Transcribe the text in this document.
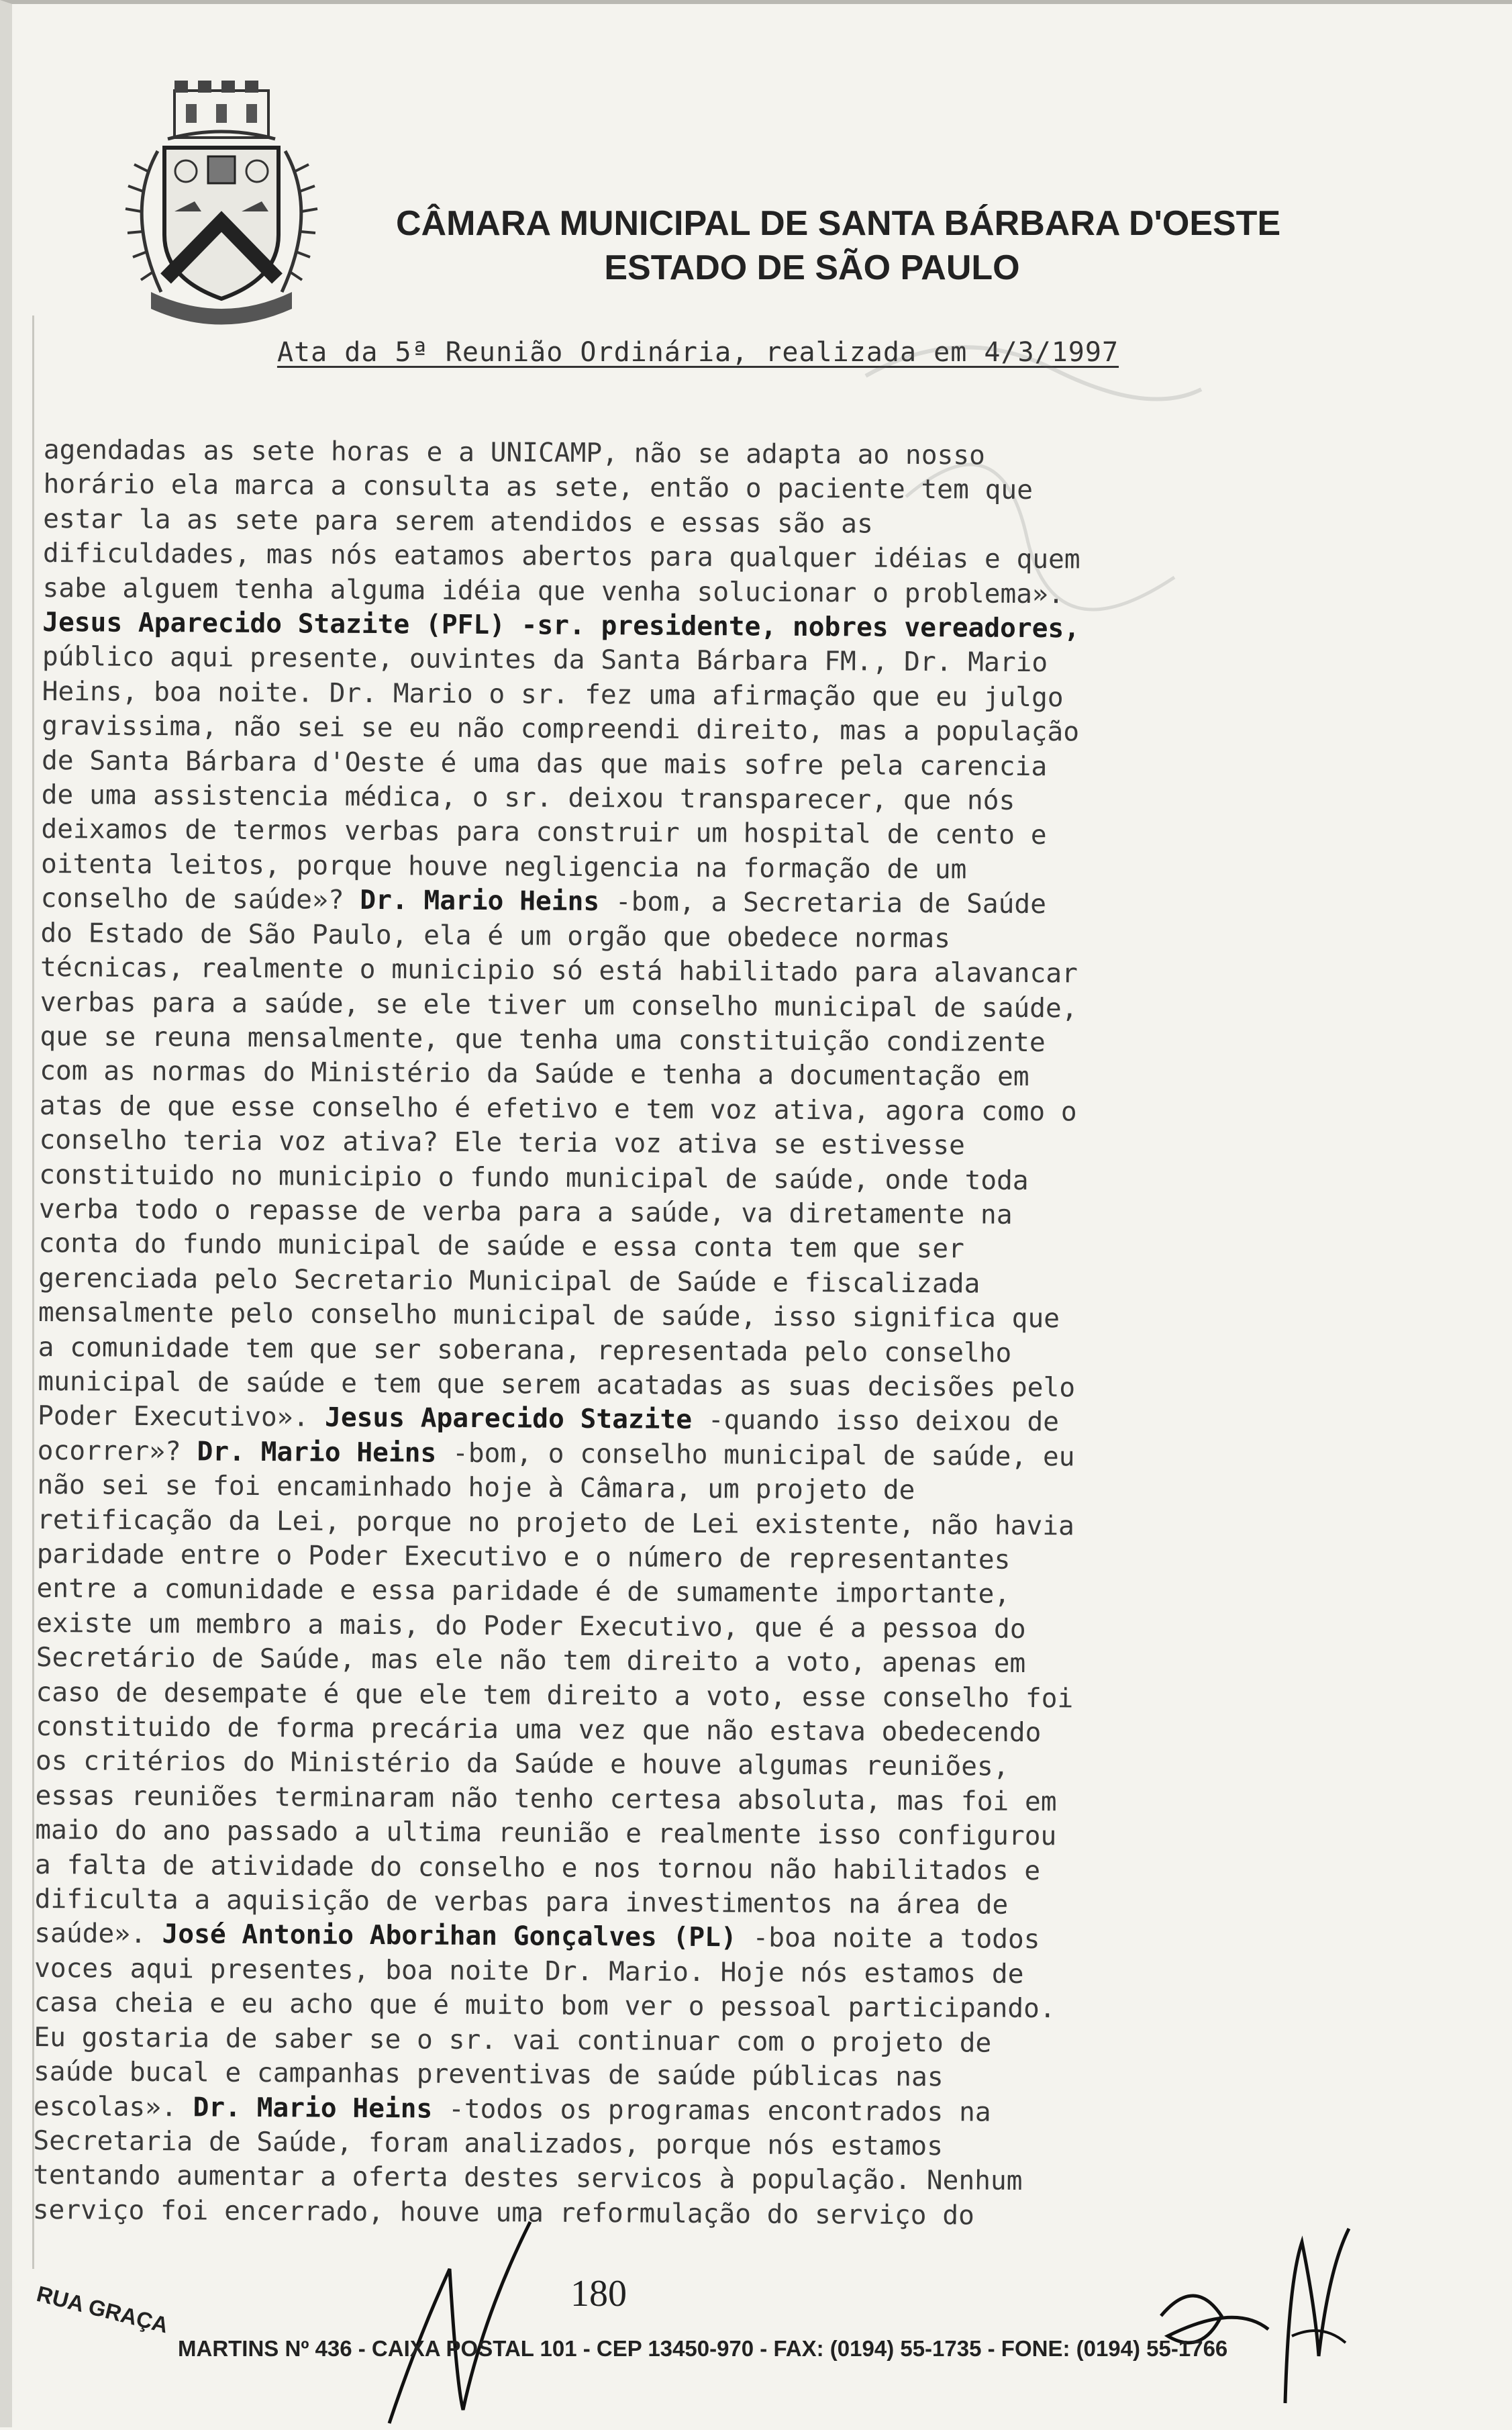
CÂMARA MUNICIPAL DE SANTA BÁRBARA D'OESTE
ESTADO DE SÃO PAULO
Ata da 5ª Reunião Ordinária, realizada em 4/3/1997
agendadas as sete horas e a UNICAMP, não se adapta ao nosso
horário ela marca a consulta as sete, então o paciente tem que
estar la as sete para serem atendidos e essas são as
dificuldades, mas nós eatamos abertos para qualquer idéias e quem
sabe alguem tenha alguma idéia que venha solucionar o problema».
Jesus Aparecido Stazite (PFL) -sr. presidente, nobres vereadores,
público aqui presente, ouvintes da Santa Bárbara FM., Dr. Mario
Heins, boa noite. Dr. Mario o sr. fez uma afirmação que eu julgo
gravissima, não sei se eu não compreendi direito, mas a população
de Santa Bárbara d'Oeste é uma das que mais sofre pela carencia
de uma assistencia médica, o sr. deixou transparecer, que nós
deixamos de termos verbas para construir um hospital de cento e
oitenta leitos, porque houve negligencia na formação de um
conselho de saúde»? Dr. Mario Heins -bom, a Secretaria de Saúde
do Estado de São Paulo, ela é um orgão que obedece normas
técnicas, realmente o municipio só está habilitado para alavancar
verbas para a saúde, se ele tiver um conselho municipal de saúde,
que se reuna mensalmente, que tenha uma constituição condizente
com as normas do Ministério da Saúde e tenha a documentação em
atas de que esse conselho é efetivo e tem voz ativa, agora como o
conselho teria voz ativa? Ele teria voz ativa se estivesse
constituido no municipio o fundo municipal de saúde, onde toda
verba todo o repasse de verba para a saúde, va diretamente na
conta do fundo municipal de saúde e essa conta tem que ser
gerenciada pelo Secretario Municipal de Saúde e fiscalizada
mensalmente pelo conselho municipal de saúde, isso significa que
a comunidade tem que ser soberana, representada pelo conselho
municipal de saúde e tem que serem acatadas as suas decisões pelo
Poder Executivo». Jesus Aparecido Stazite -quando isso deixou de
ocorrer»? Dr. Mario Heins -bom, o conselho municipal de saúde, eu
não sei se foi encaminhado hoje à Câmara, um projeto de
retificação da Lei, porque no projeto de Lei existente, não havia
paridade entre o Poder Executivo e o número de representantes
entre a comunidade e essa paridade é de sumamente importante,
existe um membro a mais, do Poder Executivo, que é a pessoa do
Secretário de Saúde, mas ele não tem direito a voto, apenas em
caso de desempate é que ele tem direito a voto, esse conselho foi
constituido de forma precária uma vez que não estava obedecendo
os critérios do Ministério da Saúde e houve algumas reuniões,
essas reuniões terminaram não tenho certesa absoluta, mas foi em
maio do ano passado a ultima reunião e realmente isso configurou
a falta de atividade do conselho e nos tornou não habilitados e
dificulta a aquisição de verbas para investimentos na área de
saúde». José Antonio Aborihan Gonçalves (PL) -boa noite a todos
voces aqui presentes, boa noite Dr. Mario. Hoje nós estamos de
casa cheia e eu acho que é muito bom ver o pessoal participando.
Eu gostaria de saber se o sr. vai continuar com o projeto de
saúde bucal e campanhas preventivas de saúde públicas nas
escolas». Dr. Mario Heins -todos os programas encontrados na
Secretaria de Saúde, foram analizados, porque nós estamos
tentando aumentar a oferta destes servicos à população. Nenhum
serviço foi encerrado, houve uma reformulação do serviço do
180
RUA GRAÇA
MARTINS Nº 436 - CAIXA POSTAL 101 - CEP 13450-970 - FAX: (0194) 55-1735 - FONE: (0194) 55-1766
